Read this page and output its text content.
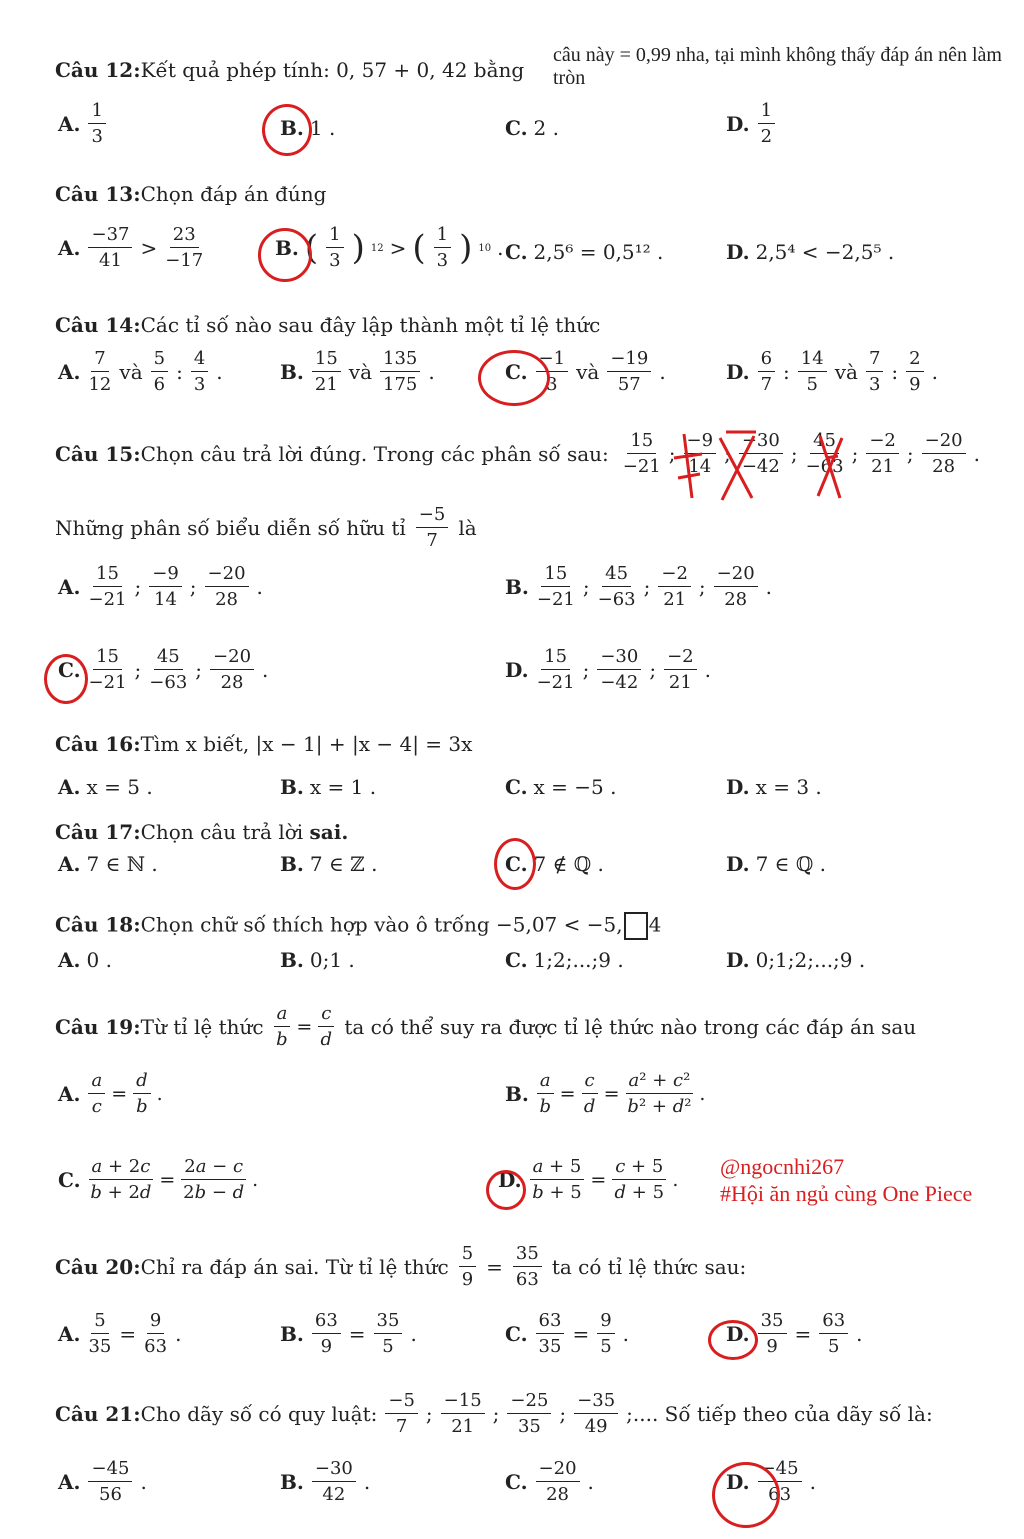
câu này = 0,99 nha, tại mình không thấy đáp án nên làm tròn
Câu 12:Kết quả phép tính: 0, 57 + 0, 42 bằng
A. $\frac{1}{3}$	B. 1 .	C. 2 .	D. $\frac{1}{2}$
Câu 13:Chọn đáp án đúng
A. $\frac{-37}{41} > \frac{23}{-17}$	B. ( $\frac{1}{3}$ ) 12 > ( $\frac{1}{3}$ ) 10 . C. 2,5⁶ = 0,5¹² .	D. 2,5⁴ < −2,5⁵ .
Câu 14:Các tỉ số nào sau đây lập thành một tỉ lệ thức
A. $\frac{7}{12}$ và $\frac{5}{6}$ : $\frac{4}{3}$ .	B. $\frac{15}{21}$ và $\frac{135}{175}$ .	C. $\frac{-1}{3}$ và $\frac{-19}{57}$ .	D. $\frac{6}{7}$ : $\frac{14}{5}$ và $\frac{7}{3}$ : $\frac{2}{9}$ .
Câu 15:Chọn câu trả lời đúng. Trong các phân số sau: $\frac{15}{-21}$ ; $\frac{-9}{14}$ ; $\frac{-30}{-42}$ ; $\frac{45}{-63}$ ; $\frac{-2}{21}$ ; $\frac{-20}{28}$ .
Những phân số biểu diễn số hữu tỉ $\frac{-5}{7}$ là
A. $\frac{15}{-21}$ ; $\frac{-9}{14}$ ; $\frac{-20}{28}$ .	B. $\frac{15}{-21}$ ; $\frac{45}{-63}$ ; $\frac{-2}{21}$ ; $\frac{-20}{28}$ .
C. $\frac{15}{-21}$ ; $\frac{45}{-63}$ ; $\frac{-20}{28}$ .	D. $\frac{15}{-21}$ ; $\frac{-30}{-42}$ ; $\frac{-2}{21}$ .
Câu 16:Tìm x biết, |x − 1| + |x − 4| = 3x
A. x = 5 .	B. x = 1 .	C. x = −5 .	D. x = 3 .
Câu 17:Chọn câu trả lời sai.
A. 7 ∈ ℕ .	B. 7 ∈ ℤ .	C. 7 ∉ ℚ .	D. 7 ∈ ℚ .
Câu 18:Chọn chữ số thích hợp vào ô trống −5,07 < −5, 4
A. 0 .	B. 0;1 .	C. 1;2;...;9 .	D. 0;1;2;...;9 .
Câu 19:Từ tỉ lệ thức $\frac{a}{b} = \frac{c}{d}$ ta có thể suy ra được tỉ lệ thức nào trong các đáp án sau
A. $\frac{a}{c} = \frac{d}{b}$ .	B. $\frac{a}{b} = \frac{c}{d} = \frac{\text{a² + c²}}{\text{b² + d²}}$ .
C. $\frac{a + 2c}{b + 2d} = \frac{2a - c}{2b - d}$ .	D. $\frac{a + 5}{b + 5} = \frac{c + 5}{d + 5}$ .
@ngocnhi267
#Hội ăn ngủ cùng One Piece
Câu 20:Chỉ ra đáp án sai. Từ tỉ lệ thức $\frac{5}{9} = \frac{35}{63}$ ta có tỉ lệ thức sau:
A. $\frac{5}{35} = \frac{9}{63}$ .	B. $\frac{63}{9} = \frac{35}{5}$ .	C. $\frac{63}{35} = \frac{9}{5}$ .	D. $\frac{35}{9} = \frac{63}{5}$ .
Câu 21:Cho dãy số có quy luật: $\frac{-5}{7}$ ; $\frac{-15}{21}$ ; $\frac{-25}{35}$ ; $\frac{-35}{49}$ ;.... Số tiếp theo của dãy số là:
A. $\frac{-45}{56}$ .	B. $\frac{-30}{42}$ .	C. $\frac{-20}{28}$ .	D. $\frac{-45}{63}$ .
